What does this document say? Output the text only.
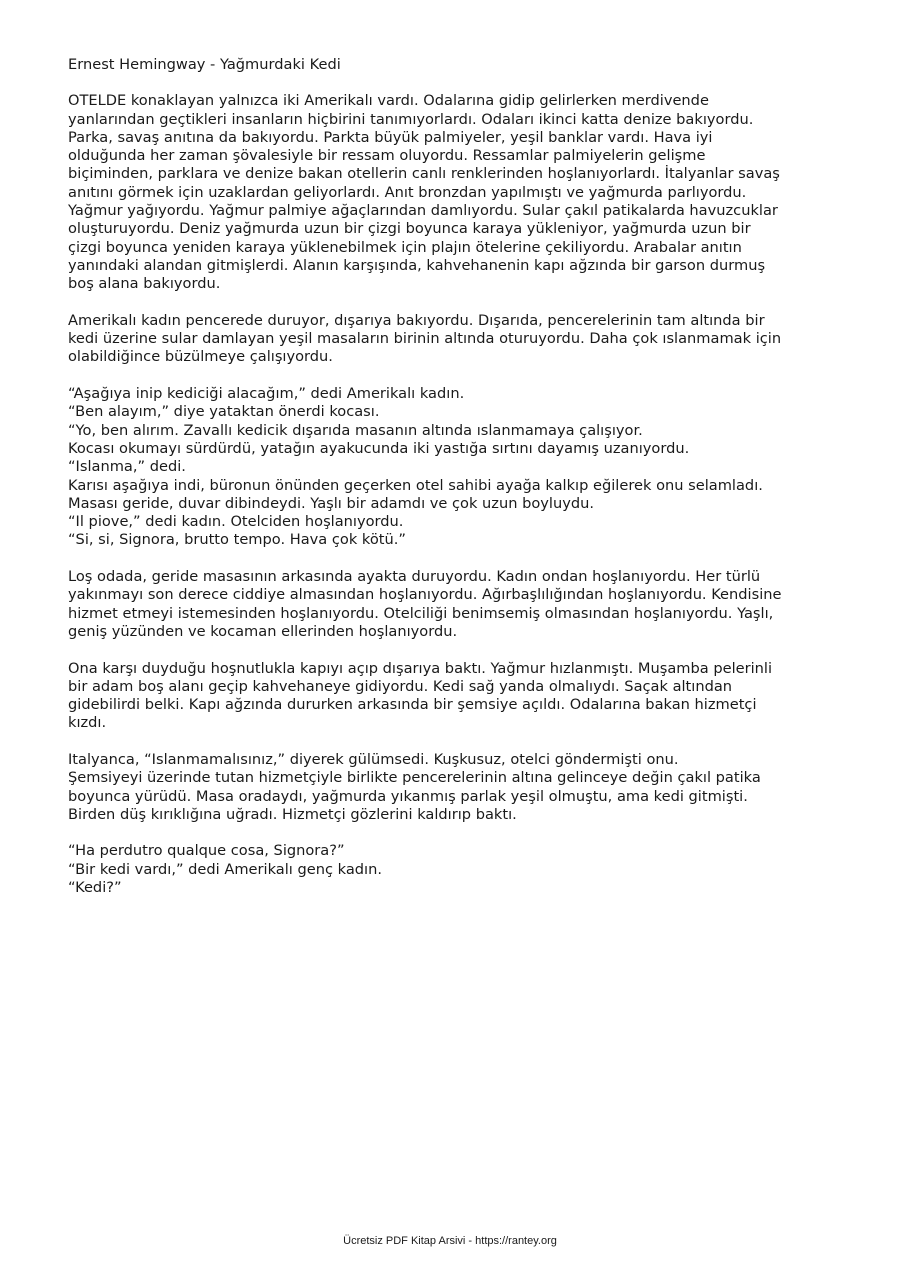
Ernest Hemingway - Yağmurdaki Kedi
OTELDE konaklayan yalnızca iki Amerikalı vardı. Odalarına gidip gelirlerken merdivende
yanlarından geçtikleri insanların hiçbirini tanımıyorlardı. Odaları ikinci katta denize bakıyordu.
Parka, savaş anıtına da bakıyordu. Parkta büyük palmiyeler, yeşil banklar vardı. Hava iyi
olduğunda her zaman şövalesiyle bir ressam oluyordu. Ressamlar palmiyelerin gelişme
biçiminden, parklara ve denize bakan otellerin canlı renklerinden hoşlanıyorlardı. İtalyanlar savaş
anıtını görmek için uzaklardan geliyorlardı. Anıt bronzdan yapılmıştı ve yağmurda parlıyordu.
Yağmur yağıyordu. Yağmur palmiye ağaçlarından damlıyordu. Sular çakıl patikalarda havuzcuklar
oluşturuyordu. Deniz yağmurda uzun bir çizgi boyunca karaya yükleniyor, yağmurda uzun bir
çizgi boyunca yeniden karaya yüklenebilmek için plajın ötelerine çekiliyordu. Arabalar anıtın
yanındaki alandan gitmişlerdi. Alanın karşışında, kahvehanenin kapı ağzında bir garson durmuş
boş alana bakıyordu.
Amerikalı kadın pencerede duruyor, dışarıya bakıyordu. Dışarıda, pencerelerinin tam altında bir
kedi üzerine sular damlayan yeşil masaların birinin altında oturuyordu. Daha çok ıslanmamak için
olabildiğince büzülmeye çalışıyordu.
“Aşağıya inip kediciği alacağım,” dedi Amerikalı kadın.
“Ben alayım,” diye yataktan önerdi kocası.
“Yo, ben alırım. Zavallı kedicik dışarıda masanın altında ıslanmamaya çalışıyor.
Kocası okumayı sürdürdü, yatağın ayakucunda iki yastığa sırtını dayamış uzanıyordu.
“Islanma,” dedi.
Karısı aşağıya indi, büronun önünden geçerken otel sahibi ayağa kalkıp eğilerek onu selamladı.
Masası geride, duvar dibindeydi. Yaşlı bir adamdı ve çok uzun boyluydu.
“Il piove,” dedi kadın. Otelciden hoşlanıyordu.
“Si, si, Signora, brutto tempo. Hava çok kötü.”
Loş odada, geride masasının arkasında ayakta duruyordu. Kadın ondan hoşlanıyordu. Her türlü
yakınmayı son derece ciddiye almasından hoşlanıyordu. Ağırbaşlılığından hoşlanıyordu. Kendisine
hizmet etmeyi istemesinden hoşlanıyordu. Otelciliği benimsemiş olmasından hoşlanıyordu. Yaşlı,
geniş yüzünden ve kocaman ellerinden hoşlanıyordu.
Ona karşı duyduğu hoşnutlukla kapıyı açıp dışarıya baktı. Yağmur hızlanmıştı. Muşamba pelerinli
bir adam boş alanı geçip kahvehaneye gidiyordu. Kedi sağ yanda olmalıydı. Saçak altından
gidebilirdi belki. Kapı ağzında dururken arkasında bir şemsiye açıldı. Odalarına bakan hizmetçi
kızdı.
Italyanca, “Islanmamalısınız,” diyerek gülümsedi. Kuşkusuz, otelci göndermişti onu.
Şemsiyeyi üzerinde tutan hizmetçiyle birlikte pencerelerinin altına gelinceye değin çakıl patika
boyunca yürüdü. Masa oradaydı, yağmurda yıkanmış parlak yeşil olmuştu, ama kedi gitmişti.
Birden düş kırıklığına uğradı. Hizmetçi gözlerini kaldırıp baktı.
“Ha perdutro qualque cosa, Signora?”
“Bir kedi vardı,” dedi Amerikalı genç kadın.
“Kedi?”
Ücretsiz PDF Kitap Arsivi - https://rantey.org
